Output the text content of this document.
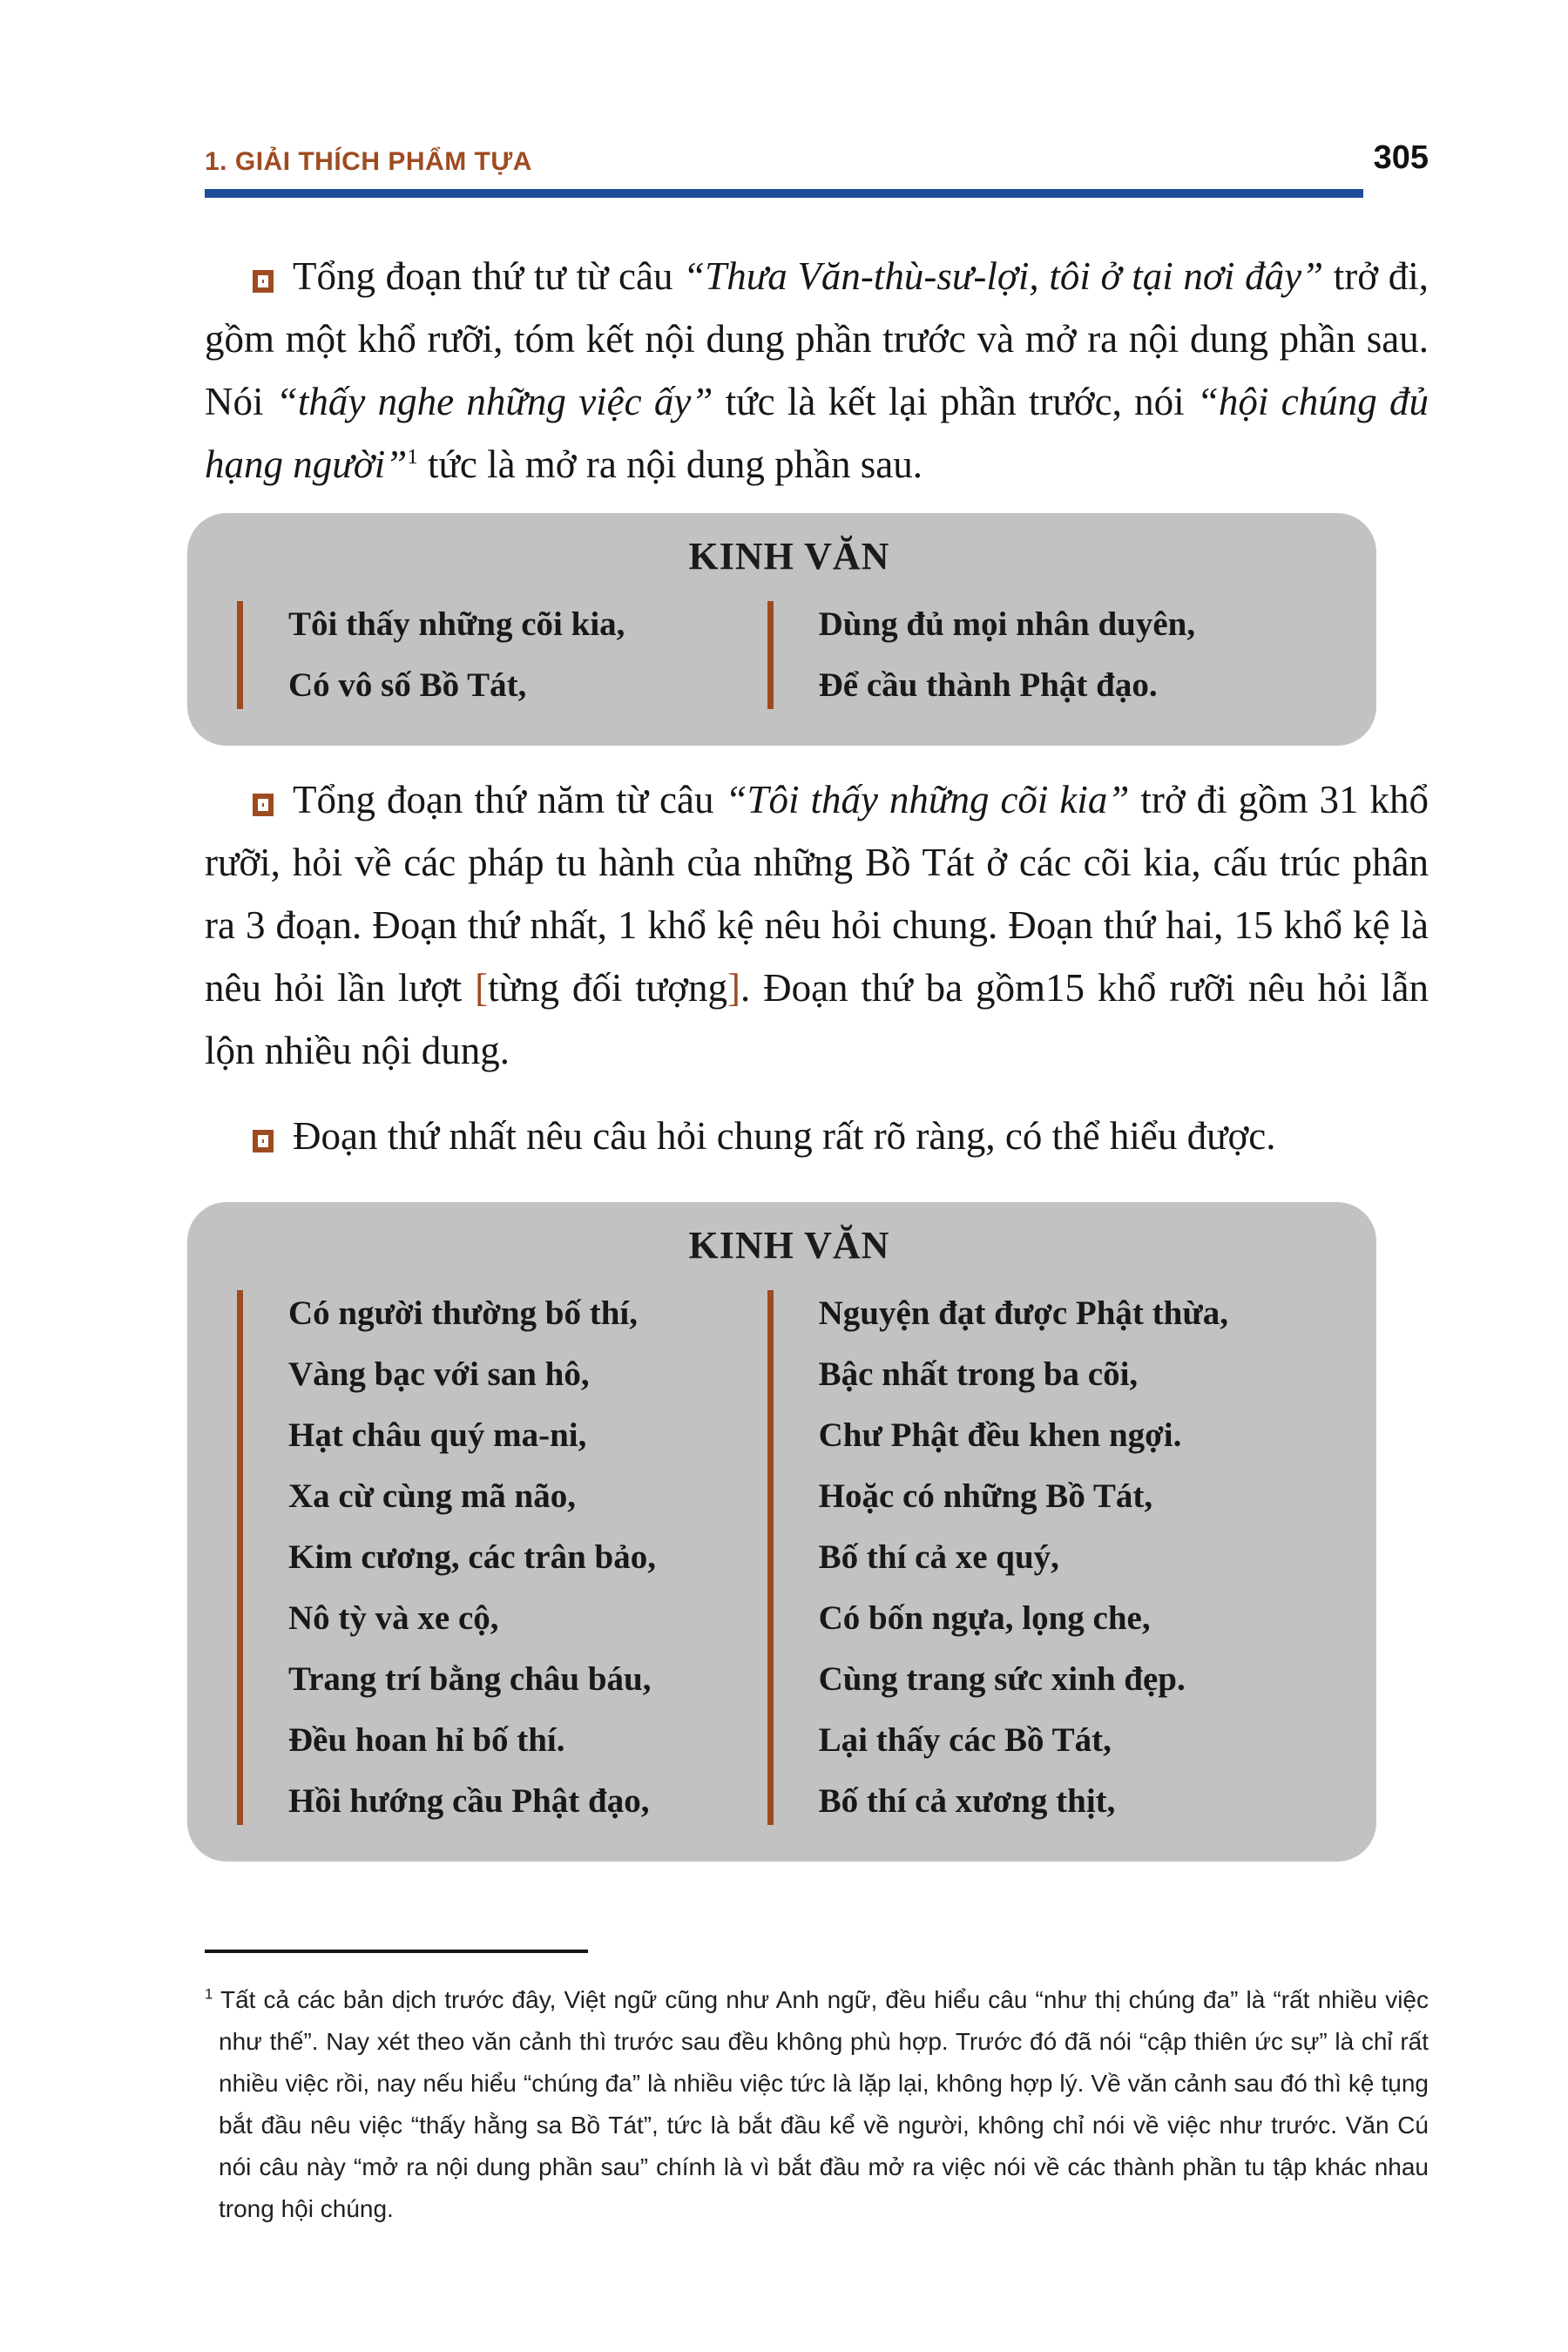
1. GIẢI THÍCH PHẨM TỰA	305

Tổng đoạn thứ tư từ câu “Thưa Văn-thù-sư-lợi, tôi ở tại nơi đây” trở đi, gồm một khổ rưỡi, tóm kết nội dung phần trước và mở ra nội dung phần sau. Nói “thấy nghe những việc ấy” tức là kết lại phần trước, nói “hội chúng đủ hạng người”$^1$ tức là mở ra nội dung phần sau.

KINH VĂN
Tôi thấy những cõi kia,
Có vô số Bồ Tát,
Dùng đủ mọi nhân duyên,
Để cầu thành Phật đạo.

Tổng đoạn thứ năm từ câu “Tôi thấy những cõi kia” trở đi gồm 31 khổ rưỡi, hỏi về các pháp tu hành của những Bồ Tát ở các cõi kia, cấu trúc phân ra 3 đoạn. Đoạn thứ nhất, 1 khổ kệ nêu hỏi chung. Đoạn thứ hai, 15 khổ kệ là nêu hỏi lần lượt [từng đối tượng]. Đoạn thứ ba gồm15 khổ rưỡi nêu hỏi lẫn lộn nhiều nội dung.

Đoạn thứ nhất nêu câu hỏi chung rất rõ ràng, có thể hiểu được.

KINH VĂN
Có người thường bố thí,
Vàng bạc với san hô,
Hạt châu quý ma-ni,
Xa cừ cùng mã não,
Kim cương, các trân bảo,
Nô tỳ và xe cộ,
Trang trí bằng châu báu,
Đều hoan hỉ bố thí.
Hồi hướng cầu Phật đạo,
Nguyện đạt được Phật thừa,
Bậc nhất trong ba cõi,
Chư Phật đều khen ngợi.
Hoặc có những Bồ Tát,
Bố thí cả xe quý,
Có bốn ngựa, lọng che,
Cùng trang sức xinh đẹp.
Lại thấy các Bồ Tát,
Bố thí cả xương thịt,

$^1$ Tất cả các bản dịch trước đây, Việt ngữ cũng như Anh ngữ, đều hiểu câu “như thị chúng đa” là “rất nhiều việc như thế”. Nay xét theo văn cảnh thì trước sau đều không phù hợp. Trước đó đã nói “cập thiên ức sự” là chỉ rất nhiều việc rồi, nay nếu hiểu “chúng đa” là nhiều việc tức là lặp lại, không hợp lý. Về văn cảnh sau đó thì kệ tụng bắt đầu nêu việc “thấy hằng sa Bồ Tát”, tức là bắt đầu kể về người, không chỉ nói về việc như trước. Văn Cú nói câu này “mở ra nội dung phần sau” chính là vì bắt đầu mở ra việc nói về các thành phần tu tập khác nhau trong hội chúng.
